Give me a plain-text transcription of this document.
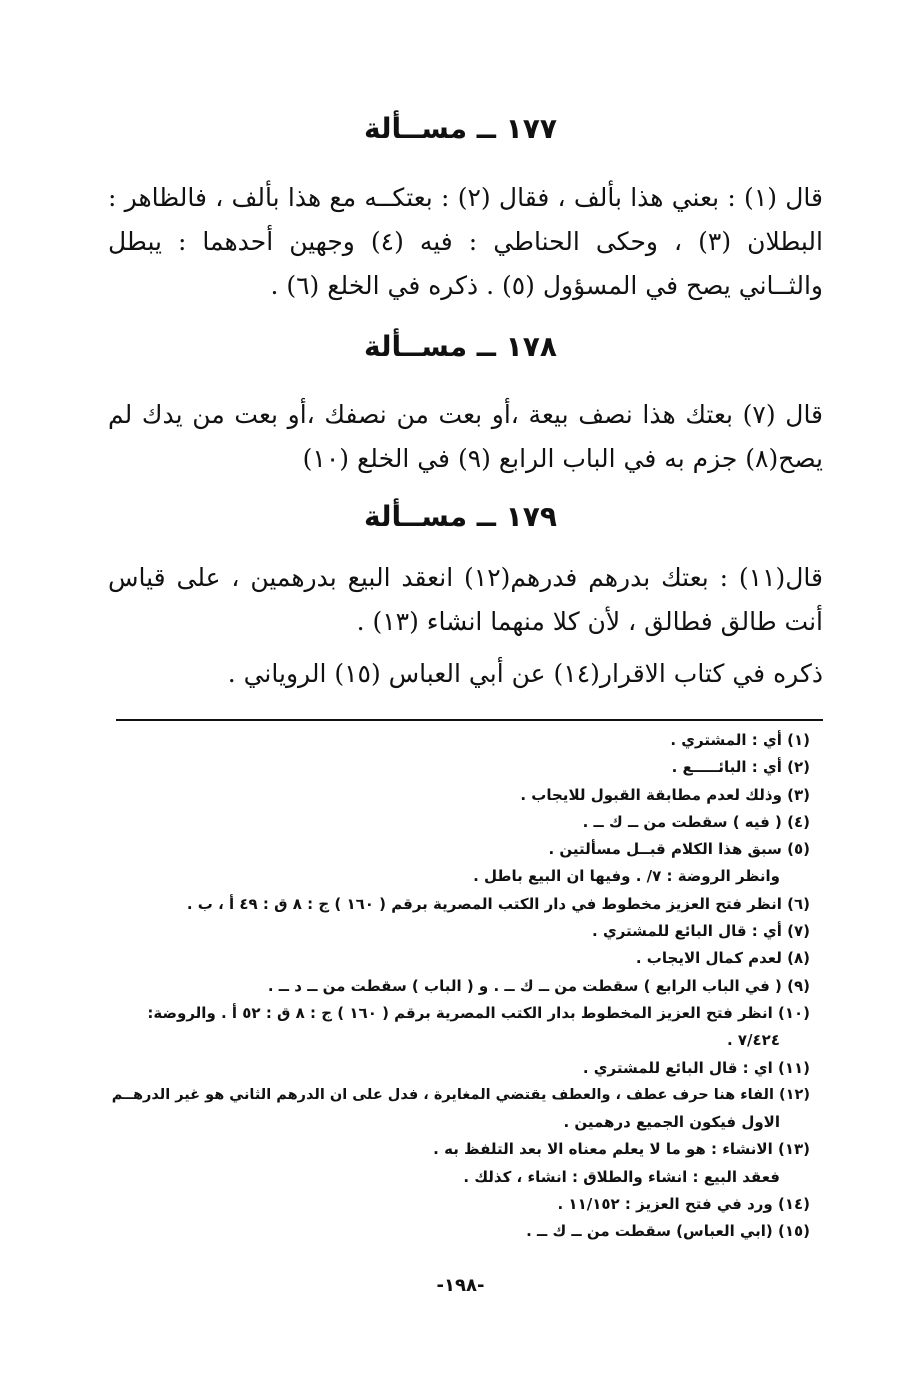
١٧٧ ــ مســألة

قال (١) : بعني هذا بألف ، فقال (٢) : بعتكــه مع هذا بألف ، فالظاهر : البطلان (٣) ، وحكى الحناطي : فيه (٤) وجهين أحدهما : يبطل والثــاني يصح في المسؤول (٥) . ذكره في الخلع (٦) .

١٧٨ ــ مســألة

قال (٧) بعتك هذا نصف بيعة ،أو بعت من نصفك ،أو بعت من يدك لم يصح(٨) جزم به في الباب الرابع (٩) في الخلع (١٠)

١٧٩ ــ مســألة

قال(١١) : بعتك بدرهم فدرهم(١٢) انعقد البيع بدرهمين ، على قياس أنت طالق فطالق ، لأن كلا منهما انشاء (١٣) .

ذكره في كتاب الاقرار(١٤) عن أبي العباس (١٥) الروياني .

(١) أي : المشتري .
(٢) أي : البائـــــع .
(٣) وذلك لعدم مطابقة القبول للايجاب .
(٤) ( فيه ) سقطت من ــ ك ــ .
(٥) سبق هذا الكلام قبــل مسألتين .
وانظر الروضة : ٧/ . وفيها ان البيع باطل .
(٦) انظر فتح العزيز مخطوط في دار الكتب المصرية برقم ( ١٦٠ ) ج : ٨ ق : ٤٩ أ ، ب .
(٧) أي : قال البائع للمشتري .
(٨) لعدم كمال الايجاب .
(٩) ( في الباب الرابع ) سقطت من ــ ك ــ . و ( الباب ) سقطت من ــ د ــ .
(١٠) انظر فتح العزيز المخطوط بدار الكتب المصرية برقم ( ١٦٠ ) ج : ٨ ق : ٥٢ أ . والروضة:
٧/٤٢٤ .
(١١) اي : قال البائع للمشتري .
(١٢) الفاء هنا حرف عطف ، والعطف يقتضي المغايرة ، فدل على ان الدرهم الثاني هو غير الدرهــم
الاول فيكون الجميع درهمين .
(١٣) الانشاء : هو ما لا يعلم معناه الا بعد التلفظ به .
فعقد البيع : انشاء والطلاق : انشاء ، كذلك .
(١٤) ورد في فتح العزيز : ١١/١٥٢ .
(١٥) (ابي العباس) سقطت من ــ ك ــ .
-١٩٨-
